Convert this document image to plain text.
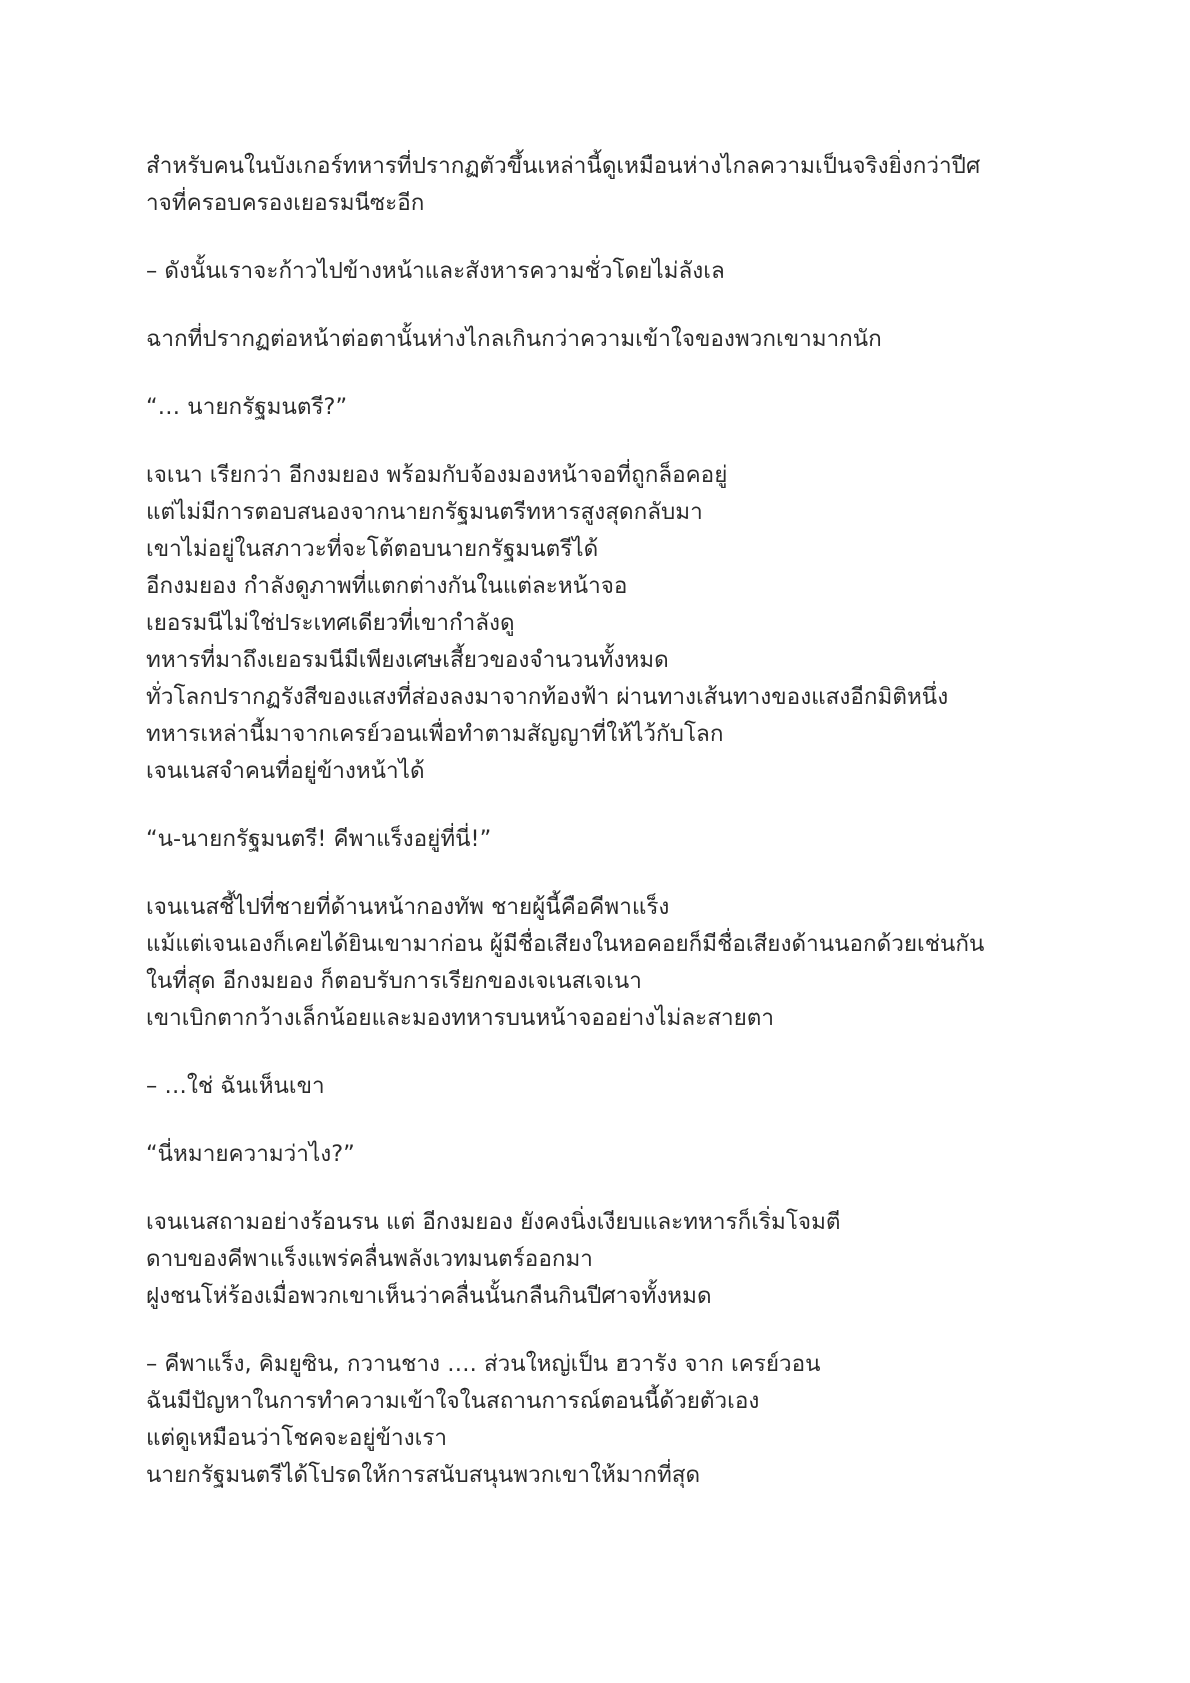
สำหรับคนในบังเกอร์ทหารที่ปรากฏตัวขึ้นเหล่านี้ดูเหมือนห่างไกลความเป็นจริงยิ่งกว่าปีศ
าจที่ครอบครองเยอรมนีซะอีก

– ดังนั้นเราจะก้าวไปข้างหน้าและสังหารความชั่วโดยไม่ลังเล

ฉากที่ปรากฏต่อหน้าต่อตานั้นห่างไกลเกินกว่าความเข้าใจของพวกเขามากนัก

“… นายกรัฐมนตรี?”

เจเนา เรียกว่า อีกงมยอง พร้อมกับจ้องมองหน้าจอที่ถูกล็อคอยู่
แต่ไม่มีการตอบสนองจากนายกรัฐมนตรีทหารสูงสุดกลับมา
เขาไม่อยู่ในสภาวะที่จะโต้ตอบนายกรัฐมนตรีได้
อีกงมยอง กำลังดูภาพที่แตกต่างกันในแต่ละหน้าจอ
เยอรมนีไม่ใช่ประเทศเดียวที่เขากำลังดู
ทหารที่มาถึงเยอรมนีมีเพียงเศษเสี้ยวของจำนวนทั้งหมด
ทั่วโลกปรากฏรังสีของแสงที่ส่องลงมาจากท้องฟ้า ผ่านทางเส้นทางของแสงอีกมิติหนึ่ง
ทหารเหล่านี้มาจากเครย์วอนเพื่อทำตามสัญญาที่ให้ไว้กับโลก
เจนเนสจำคนที่อยู่ข้างหน้าได้

“น-นายกรัฐมนตรี! คีพาแร็งอยู่ที่นี่!”

เจนเนสชี้ไปที่ชายที่ด้านหน้ากองทัพ ชายผู้นี้คือคีพาแร็ง
แม้แต่เจนเองก็เคยได้ยินเขามาก่อน ผู้มีชื่อเสียงในหอคอยก็มีชื่อเสียงด้านนอกด้วยเช่นกัน
ในที่สุด อีกงมยอง ก็ตอบรับการเรียกของเจเนสเจเนา
เขาเบิกตากว้างเล็กน้อยและมองทหารบนหน้าจออย่างไม่ละสายตา

– …ใช่ ฉันเห็นเขา

“นี่หมายความว่าไง?”

เจนเนสถามอย่างร้อนรน แต่ อีกงมยอง ยังคงนิ่งเงียบและทหารก็เริ่มโจมตี
ดาบของคีพาแร็งแพร่คลื่นพลังเวทมนตร์ออกมา
ฝูงชนโห่ร้องเมื่อพวกเขาเห็นว่าคลื่นนั้นกลืนกินปีศาจทั้งหมด

– คีพาแร็ง, คิมยูซิน, กวานชาง …. ส่วนใหญ่เป็น ฮวารัง จาก เครย์วอน
ฉันมีปัญหาในการทำความเข้าใจในสถานการณ์ตอนนี้ด้วยตัวเอง
แต่ดูเหมือนว่าโชคจะอยู่ข้างเรา
นายกรัฐมนตรีได้โปรดให้การสนับสนุนพวกเขาให้มากที่สุด
